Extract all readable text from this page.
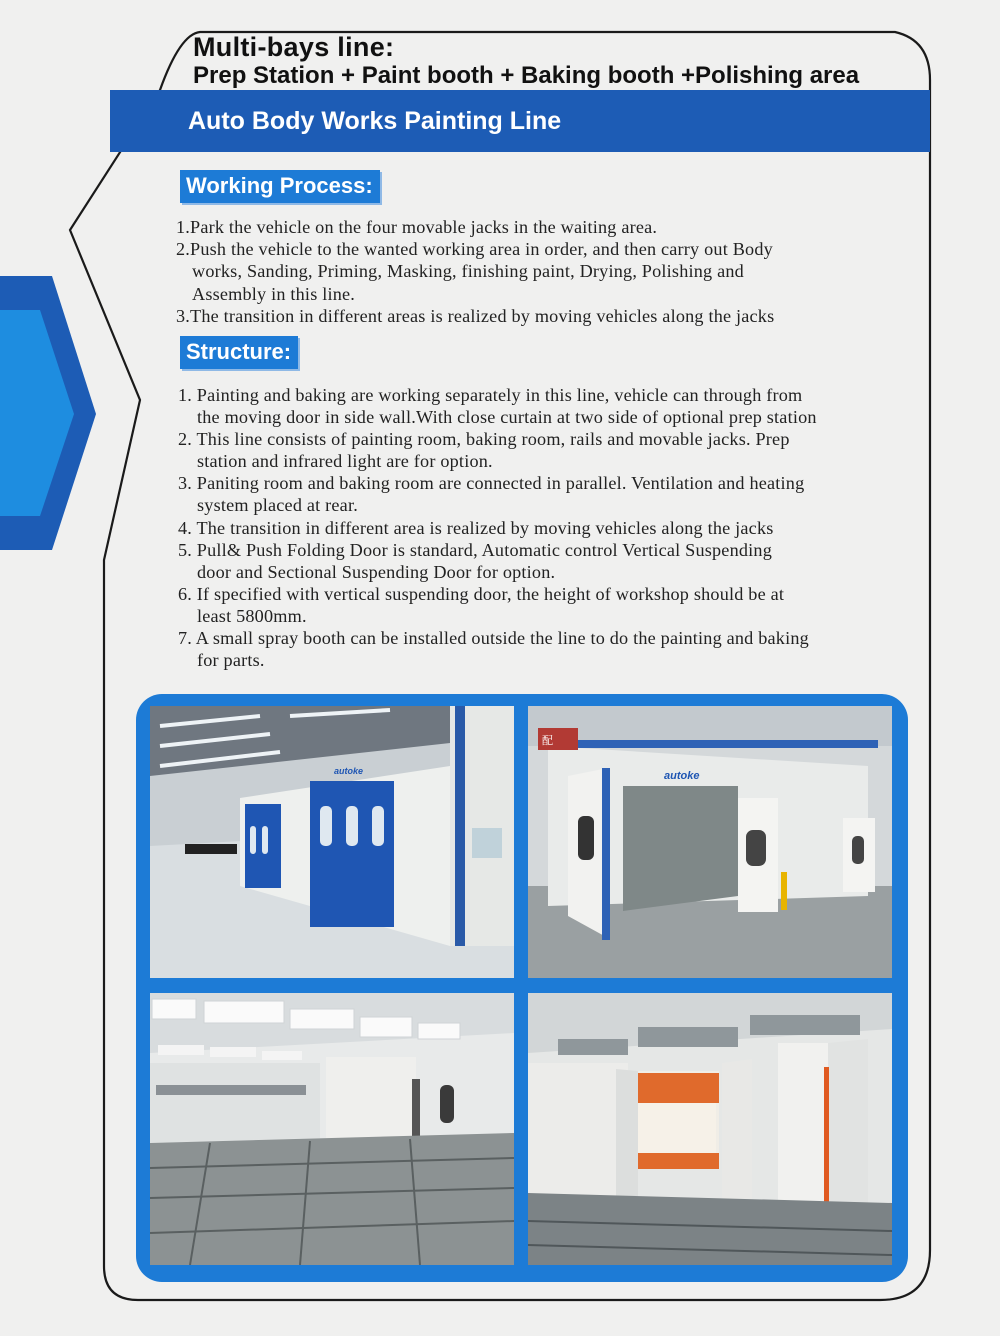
Multi-bays line:
Prep Station + Paint booth + Baking booth +Polishing area
Auto Body Works Painting Line
Working Process:
1.Park the vehicle on the four movable jacks in the waiting area.
2.Push the vehicle to the wanted working area in order, and then carry out Body
works, Sanding, Priming, Masking, finishing paint, Drying, Polishing and
Assembly in this line.
3.The transition in different areas is realized by moving vehicles along the jacks
Structure:
1. Painting and baking are working separately in this line, vehicle can through from
the moving door in side wall.With close curtain at two side of optional prep station
2. This line consists of painting room, baking room, rails and movable jacks. Prep
station and infrared light are for option.
3. Paniting room and baking room are connected in parallel. Ventilation and heating
system placed at rear.
4. The transition in different area is realized by moving vehicles along the jacks
5. Pull& Push Folding Door is standard, Automatic control Vertical Suspending
door and Sectional Suspending Door for option.
6. If specified with vertical suspending door, the height of workshop should be at
least 5800mm.
7. A small spray booth can be installed outside the line to do the painting and baking
for parts.
autoke
配
autoke
